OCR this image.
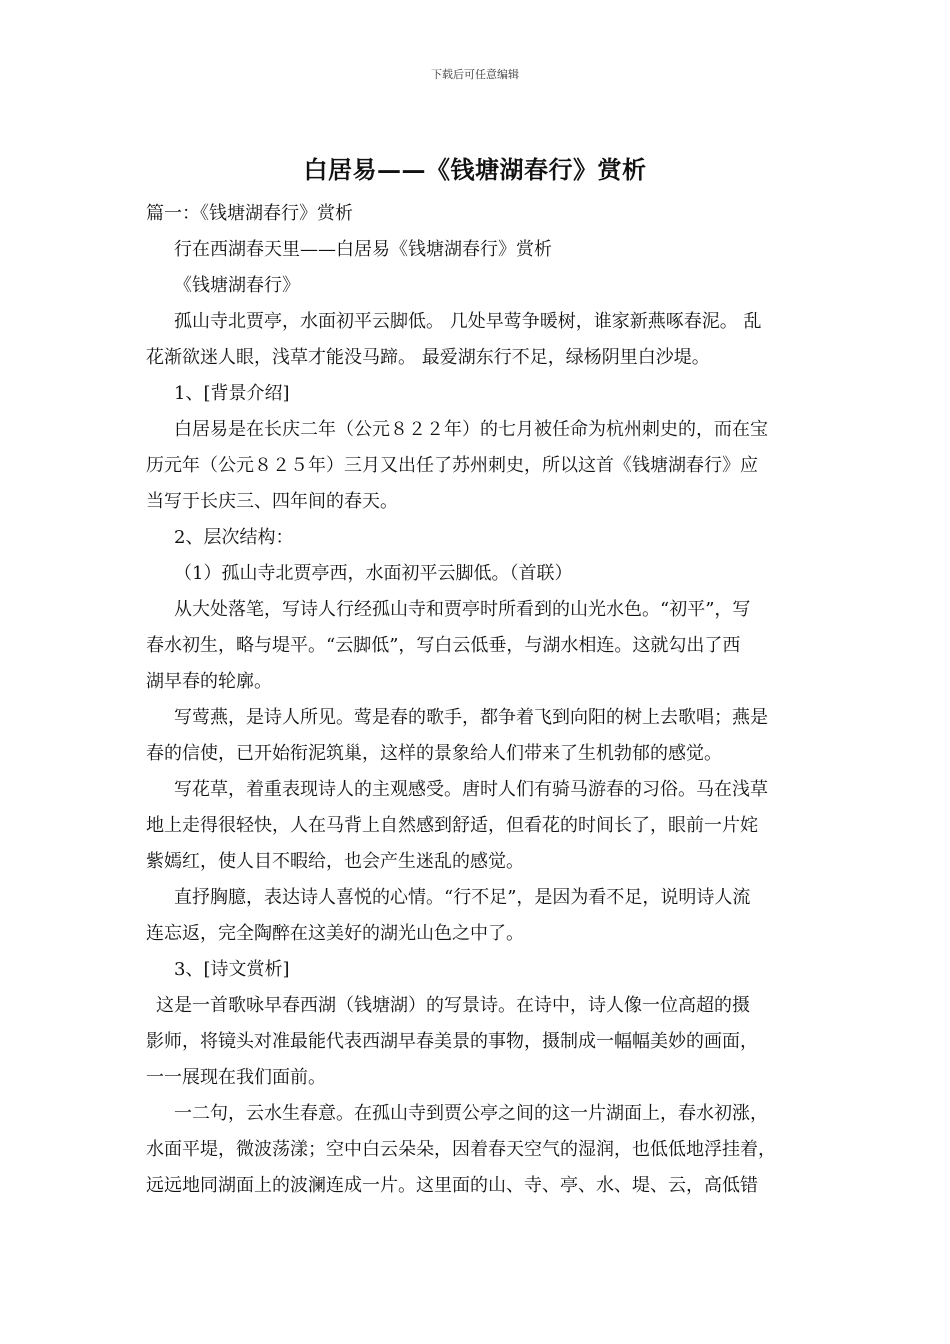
下载后可任意编辑
白居易——《钱塘湖春行》赏析

篇一：《钱塘湖春行》赏析

行在西湖春天里——白居易《钱塘湖春行》赏析

《钱塘湖春行》

孤山寺北贾亭，水面初平云脚低。 几处早莺争暖树，谁家新燕啄春泥。 乱

花渐欲迷人眼，浅草才能没马蹄。 最爱湖东行不足，绿杨阴里白沙堤。

1、[背景介绍]

白居易是在长庆二年（公元８２２年）的七月被任命为杭州刺史的，而在宝

历元年（公元８２５年）三月又出任了苏州刺史，所以这首《钱塘湖春行》应

当写于长庆三、四年间的春天。

2、层次结构：

（1）孤山寺北贾亭西，水面初平云脚低。（首联）

从大处落笔，写诗人行经孤山寺和贾亭时所看到的山光水色。“初平”，写

春水初生，略与堤平。“云脚低”，写白云低垂，与湖水相连。这就勾出了西

湖早春的轮廓。

写莺燕，是诗人所见。莺是春的歌手，都争着飞到向阳的树上去歌唱；燕是

春的信使，已开始衔泥筑巢，这样的景象给人们带来了生机勃郁的感觉。

写花草，着重表现诗人的主观感受。唐时人们有骑马游春的习俗。马在浅草

地上走得很轻快，人在马背上自然感到舒适，但看花的时间长了，眼前一片姹

紫嫣红，使人目不暇给，也会产生迷乱的感觉。

直抒胸臆，表达诗人喜悦的心情。“行不足”，是因为看不足，说明诗人流

连忘返，完全陶醉在这美好的湖光山色之中了。

3、[诗文赏析]

这是一首歌咏早春西湖（钱塘湖）的写景诗。在诗中，诗人像一位高超的摄

影师，将镜头对准最能代表西湖早春美景的事物，摄制成一幅幅美妙的画面，

一一展现在我们面前。

一二句，云水生春意。在孤山寺到贾公亭之间的这一片湖面上，春水初涨，

水面平堤，微波荡漾；空中白云朵朵，因着春天空气的湿润，也低低地浮挂着，

远远地同湖面上的波澜连成一片。这里面的山、寺、亭、水、堤、云，高低错
